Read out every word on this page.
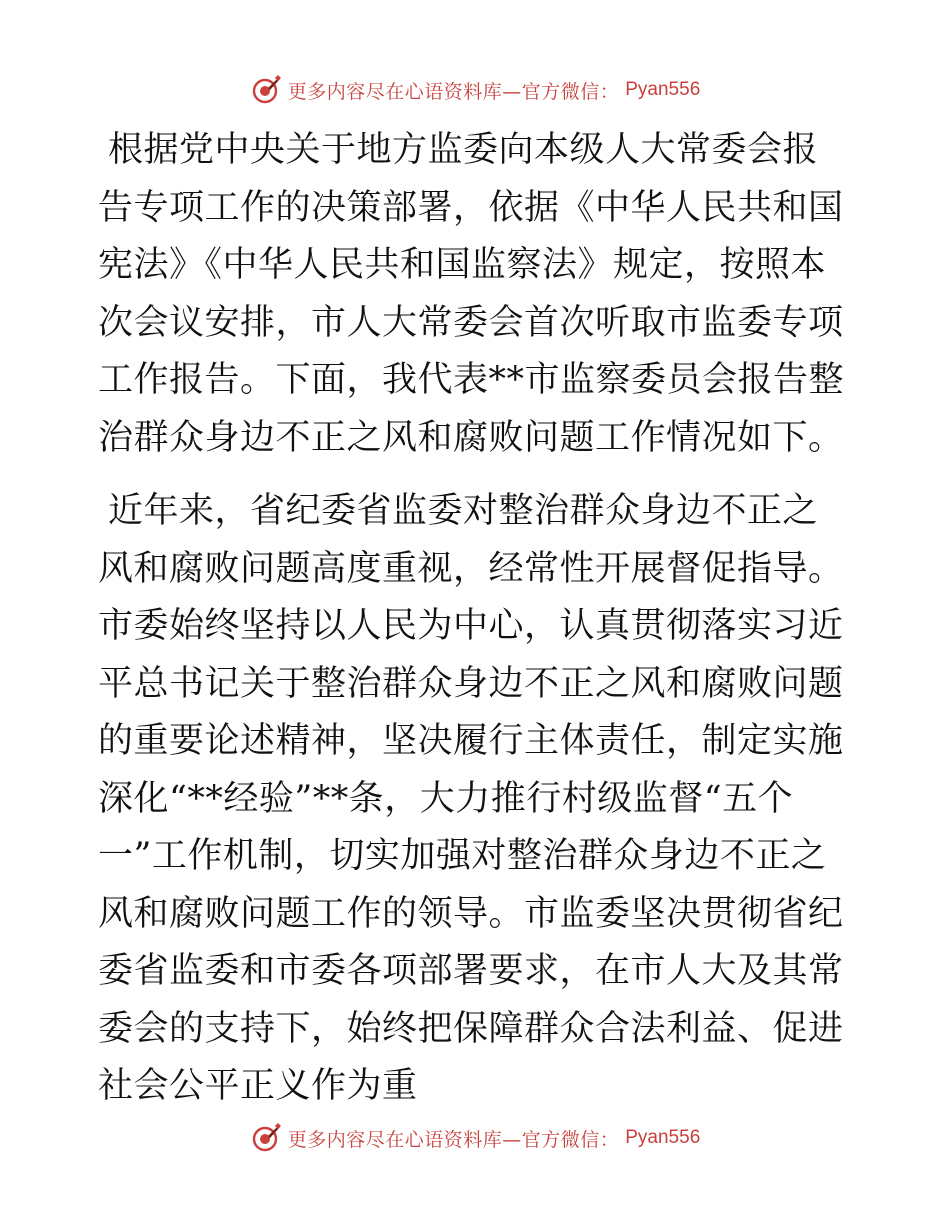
更多内容尽在心语资料库—官方微信： Pyan556

根据党中央关于地方监委向本级人大常委会报告专项工作的决策部署，依据《中华人民共和国宪法》《中华人民共和国监察法》规定，按照本次会议安排，市人大常委会首次听取市监委专项工作报告。下面，我代表**市监察委员会报告整治群众身边不正之风和腐败问题工作情况如下。

近年来，省纪委省监委对整治群众身边不正之风和腐败问题高度重视，经常性开展督促指导。市委始终坚持以人民为中心，认真贯彻落实习近平总书记关于整治群众身边不正之风和腐败问题的重要论述精神，坚决履行主体责任，制定实施深化“**经验”**条，大力推行村级监督“五个一”工作机制，切实加强对整治群众身边不正之风和腐败问题工作的领导。市监委坚决贯彻省纪委省监委和市委各项部署要求，在市人大及其常委会的支持下，始终把保障群众合法利益、促进社会公平正义作为重

更多内容尽在心语资料库—官方微信： Pyan556
